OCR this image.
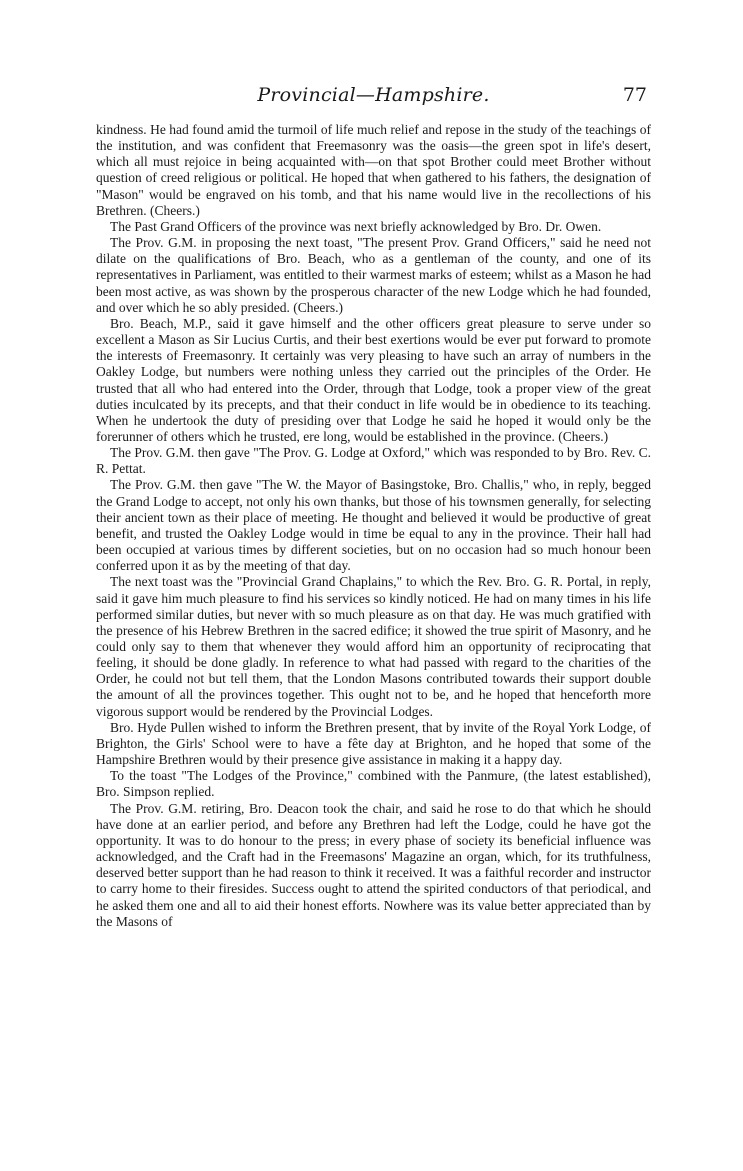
Provincial—Hampshire.	77

kindness. He had found amid the turmoil of life much relief and repose in the study of the teachings of the institution, and was confident that Freemasonry was the oasis—the green spot in life's desert, which all must rejoice in being acquainted with—on that spot Brother could meet Brother without question of creed religious or political. He hoped that when gathered to his fathers, the designation of "Mason" would be engraved on his tomb, and that his name would live in the recollections of his Brethren. (Cheers.)

The Past Grand Officers of the province was next briefly acknowledged by Bro. Dr. Owen.

The Prov. G.M. in proposing the next toast, "The present Prov. Grand Officers," said he need not dilate on the qualifications of Bro. Beach, who as a gentleman of the county, and one of its representatives in Parliament, was entitled to their warmest marks of esteem; whilst as a Mason he had been most active, as was shown by the prosperous character of the new Lodge which he had founded, and over which he so ably presided. (Cheers.)

Bro. Beach, M.P., said it gave himself and the other officers great pleasure to serve under so excellent a Mason as Sir Lucius Curtis, and their best exertions would be ever put forward to promote the interests of Freemasonry. It certainly was very pleasing to have such an array of numbers in the Oakley Lodge, but numbers were nothing unless they carried out the principles of the Order. He trusted that all who had entered into the Order, through that Lodge, took a proper view of the great duties inculcated by its precepts, and that their conduct in life would be in obedience to its teaching. When he undertook the duty of presiding over that Lodge he said he hoped it would only be the forerunner of others which he trusted, ere long, would be established in the province. (Cheers.)

The Prov. G.M. then gave "The Prov. G. Lodge at Oxford," which was responded to by Bro. Rev. C. R. Pettat.

The Prov. G.M. then gave "The W. the Mayor of Basingstoke, Bro. Challis," who, in reply, begged the Grand Lodge to accept, not only his own thanks, but those of his townsmen generally, for selecting their ancient town as their place of meeting. He thought and believed it would be productive of great benefit, and trusted the Oakley Lodge would in time be equal to any in the province. Their hall had been occupied at various times by different societies, but on no occasion had so much honour been conferred upon it as by the meeting of that day.

The next toast was the "Provincial Grand Chaplains," to which the Rev. Bro. G. R. Portal, in reply, said it gave him much pleasure to find his services so kindly noticed. He had on many times in his life performed similar duties, but never with so much pleasure as on that day. He was much gratified with the presence of his Hebrew Brethren in the sacred edifice; it showed the true spirit of Masonry, and he could only say to them that whenever they would afford him an opportunity of reciprocating that feeling, it should be done gladly. In reference to what had passed with regard to the charities of the Order, he could not but tell them, that the London Masons contributed towards their support double the amount of all the provinces together. This ought not to be, and he hoped that henceforth more vigorous support would be rendered by the Provincial Lodges.

Bro. Hyde Pullen wished to inform the Brethren present, that by invite of the Royal York Lodge, of Brighton, the Girls' School were to have a fête day at Brighton, and he hoped that some of the Hampshire Brethren would by their presence give assistance in making it a happy day.

To the toast "The Lodges of the Province," combined with the Panmure, (the latest established), Bro. Simpson replied.

The Prov. G.M. retiring, Bro. Deacon took the chair, and said he rose to do that which he should have done at an earlier period, and before any Brethren had left the Lodge, could he have got the opportunity. It was to do honour to the press; in every phase of society its beneficial influence was acknowledged, and the Craft had in the Freemasons' Magazine an organ, which, for its truthfulness, deserved better support than he had reason to think it received. It was a faithful recorder and instructor to carry home to their firesides. Success ought to attend the spirited conductors of that periodical, and he asked them one and all to aid their honest efforts. Nowhere was its value better appreciated than by the Masons of
